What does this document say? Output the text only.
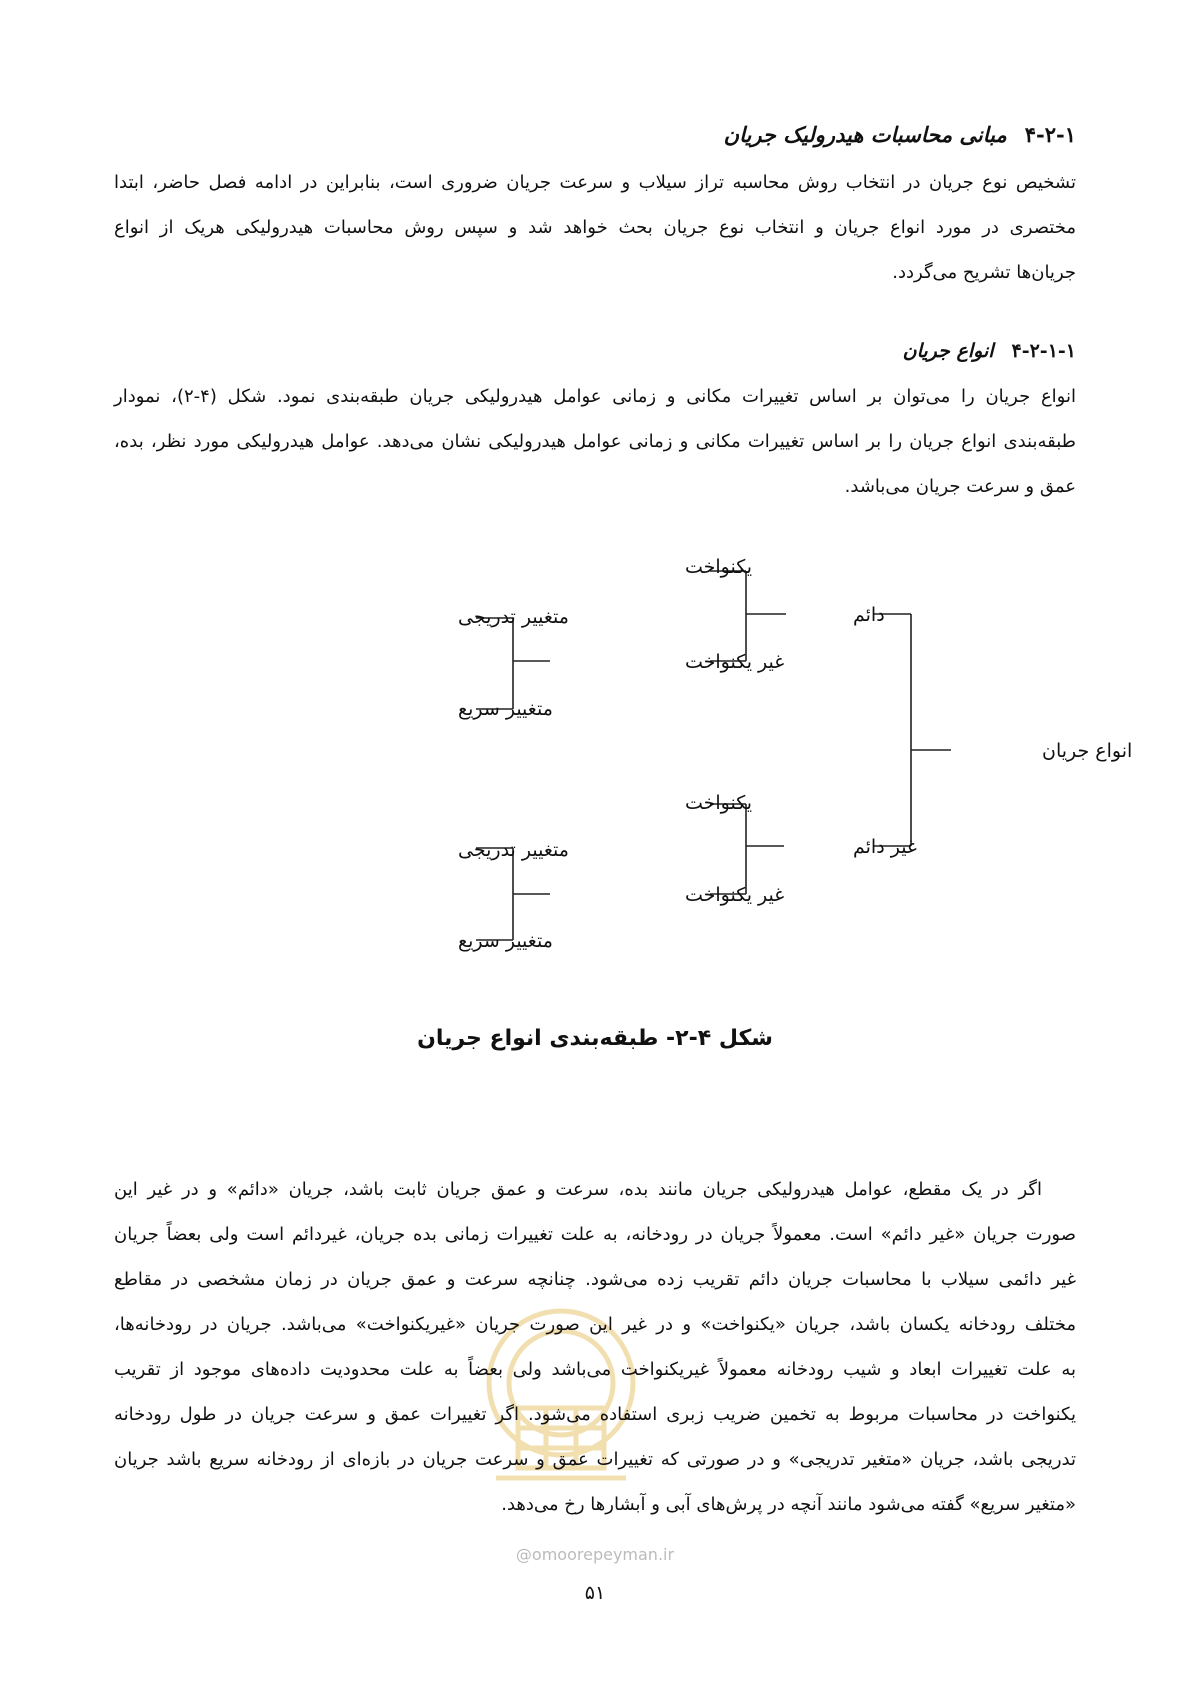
۴-۲-۱مبانی محاسبات هیدرولیک جریان
تشخیص نوع جریان در انتخاب روش محاسبه تراز سیلاب و سرعت جریان ضروری است، بنابراین در ادامه فصل حاضر، ابتدا
مختصری در مورد انواع جریان و انتخاب نوع جریان بحث خواهد شد و سپس روش محاسبات هیدرولیکی هریک از انواع
جریان‌ها تشریح می‌گردد.
۴-۲-۱-۱انواع جریان
انواع جریان را می‌توان بر اساس تغییرات مکانی و زمانی عوامل هیدرولیکی جریان طبقه‌بندی نمود. شکل (۴-۲)، نمودار
طبقه‌بندی انواع جریان را بر اساس تغییرات مکانی و زمانی عوامل هیدرولیکی نشان می‌دهد. عوامل هیدرولیکی مورد نظر، بده،
عمق و سرعت جریان می‌باشد.
انواع جریان
دائم
غیر دائم
یکنواخت
غیر یکنواخت
یکنواخت
غیر یکنواخت
متغییر تدریجی
متغییر سریع
متغییر تدریجی
متغییر سریع
شکل ۴-۲- طبقه‌بندی انواع جریان
اگر در یک مقطع، عوامل هیدرولیکی جریان مانند بده، سرعت و عمق جریان ثابت باشد، جریان «دائم» و در غیر این
صورت جریان «غیر دائم» است. معمولاً جریان در رودخانه، به علت تغییرات زمانی بده جریان، غیردائم است ولی بعضاً جریان
غیر دائمی سیلاب با محاسبات جریان دائم تقریب زده می‌شود. چنانچه سرعت و عمق جریان در زمان مشخصی در مقاطع
مختلف رودخانه یکسان باشد، جریان «یکنواخت» و در غیر این صورت جریان «غیریکنواخت» می‌باشد. جریان در رودخانه‌ها،
به علت تغییرات ابعاد و شیب رودخانه معمولاً غیریکنواخت می‌باشد ولی بعضاً به علت محدودیت داده‌های موجود از تقریب
یکنواخت در محاسبات مربوط به تخمین ضریب زبری استفاده می‌شود. اگر تغییرات عمق و سرعت جریان در طول رودخانه
تدریجی باشد، جریان «متغیر تدریجی» و در صورتی که تغییرات عمق و سرعت جریان در بازه‌ای از رودخانه سریع باشد جریان
«متغیر سریع» گفته می‌شود مانند آنچه در پرش‌های آبی و آبشارها رخ می‌دهد.
@omoorepeyman.ir
۵۱
